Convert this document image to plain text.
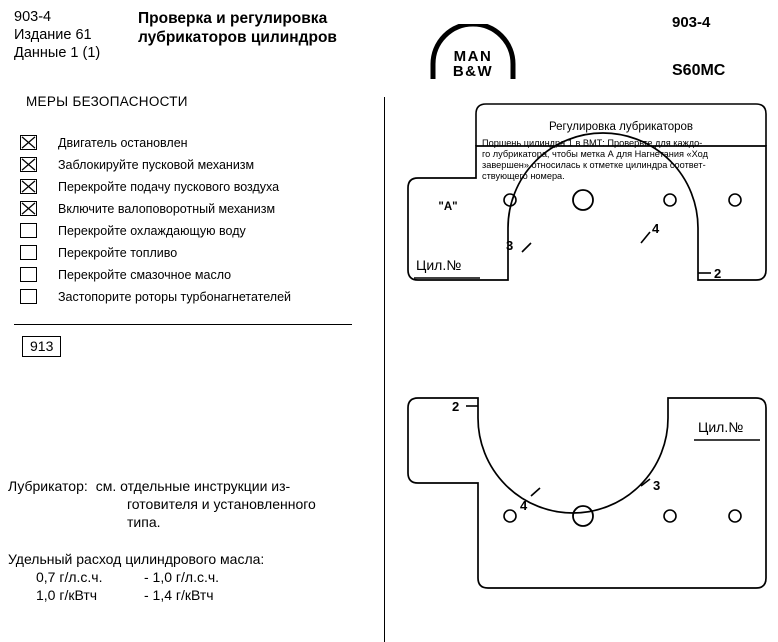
903-4
Издание 61
Данные 1 (1)
Проверка и регулировка
лубрикаторов цилиндров
МЕРЫ БЕЗОПАСНОСТИ
Двигатель остановлен
Заблокируйте пусковой механизм
Перекройте подачу пускового воздуха
Включите валоповоротный механизм
Перекройте охлаждающую воду
Перекройте топливо
Перекройте смазочное масло
Застопорите роторы турбонагнетателей
913
Лубрикатор: см. отдельные инструкции из-
готовителя и установленного
типа.
Удельный расход цилиндрового масла:
0,7 г/л.с.ч.	- 1,0 г/л.с.ч.
1,0 г/кВтч	- 1,4 г/кВтч
MAN
B&W
903-4
S60MC
Регулировка лубрикаторов
Поршень цилиндра 1 в ВМТ: Проверьте для каждо-
го лубрикатора, чтобы метка А для Нагнетания «Ход
завершен» относилась к отметке цилиндра соответ-
ствующего номера.
"A"
Цил.№
3
4
2
Цил.№
2
4
3
